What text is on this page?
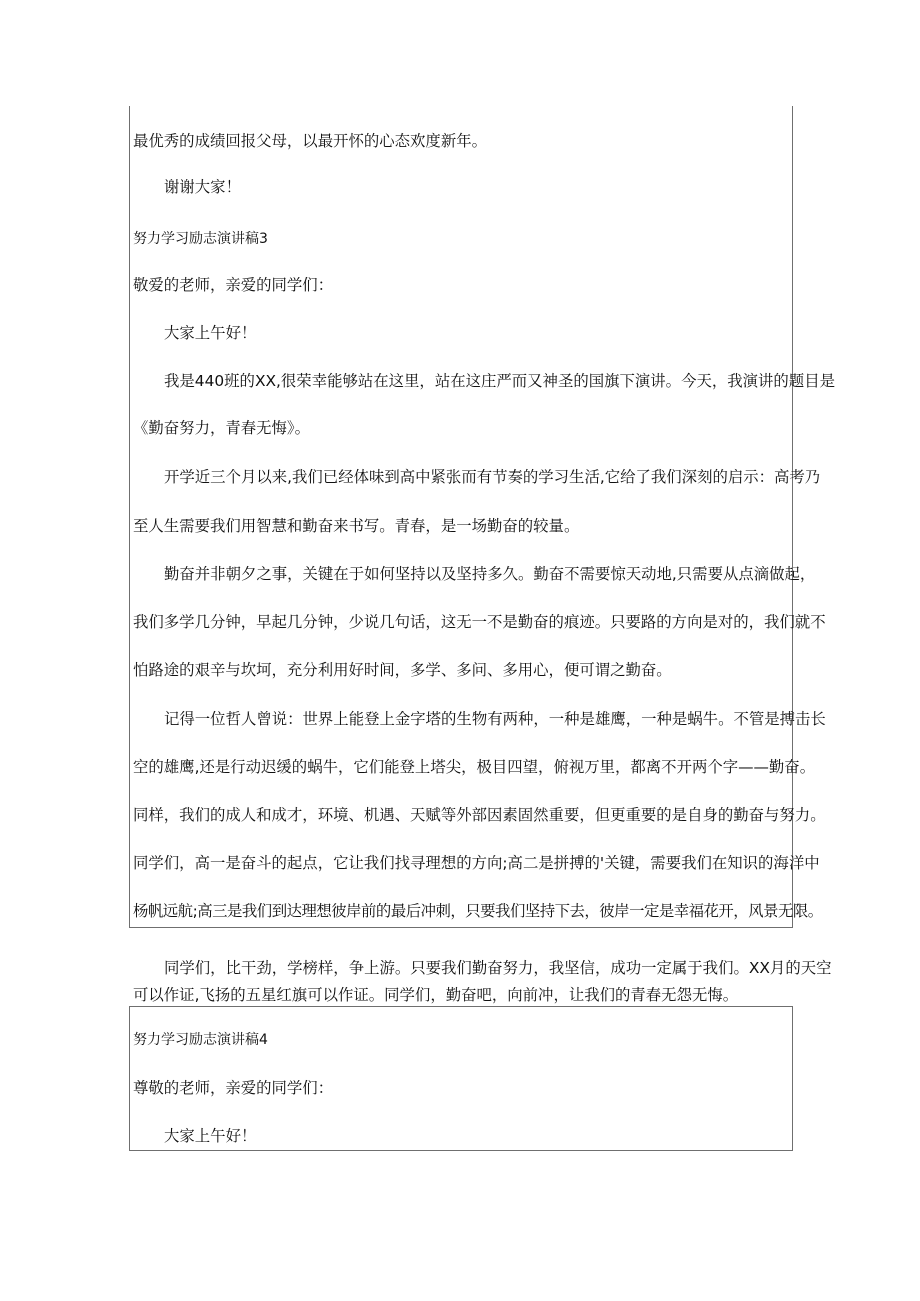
最优秀的成绩回报父母，以最开怀的心态欢度新年。
谢谢大家！
努力学习励志演讲稿3
敬爱的老师，亲爱的同学们：
大家上午好！
我是440班的XX,很荣幸能够站在这里，站在这庄严而又神圣的国旗下演讲。今天，我演讲的题目是
《勤奋努力，青春无悔》。
开学近三个月以来,我们已经体味到高中紧张而有节奏的学习生活,它给了我们深刻的启示：高考乃
至人生需要我们用智慧和勤奋来书写。青春，是一场勤奋的较量。
勤奋并非朝夕之事，关键在于如何坚持以及坚持多久。勤奋不需要惊天动地,只需要从点滴做起，
我们多学几分钟，早起几分钟，少说几句话，这无一不是勤奋的痕迹。只要路的方向是对的，我们就不
怕路途的艰辛与坎坷，充分利用好时间，多学、多问、多用心，便可谓之勤奋。
记得一位哲人曾说：世界上能登上金字塔的生物有两种，一种是雄鹰，一种是蜗牛。不管是搏击长
空的雄鹰,还是行动迟缓的蜗牛，它们能登上塔尖，极目四望，俯视万里，都离不开两个字——勤奋。
同样，我们的成人和成才，环境、机遇、天赋等外部因素固然重要，但更重要的是自身的勤奋与努力。
同学们，高一是奋斗的起点，它让我们找寻理想的方向;高二是拼搏的'关键，需要我们在知识的海洋中
杨帆远航;高三是我们到达理想彼岸前的最后冲刺，只要我们坚持下去，彼岸一定是幸福花开，风景无限。
同学们，比干劲，学榜样，争上游。只要我们勤奋努力，我坚信，成功一定属于我们。XX月的天空
可以作证,飞扬的五星红旗可以作证。同学们，勤奋吧，向前冲，让我们的青春无怨无悔。
努力学习励志演讲稿4
尊敬的老师，亲爱的同学们：
大家上午好！
